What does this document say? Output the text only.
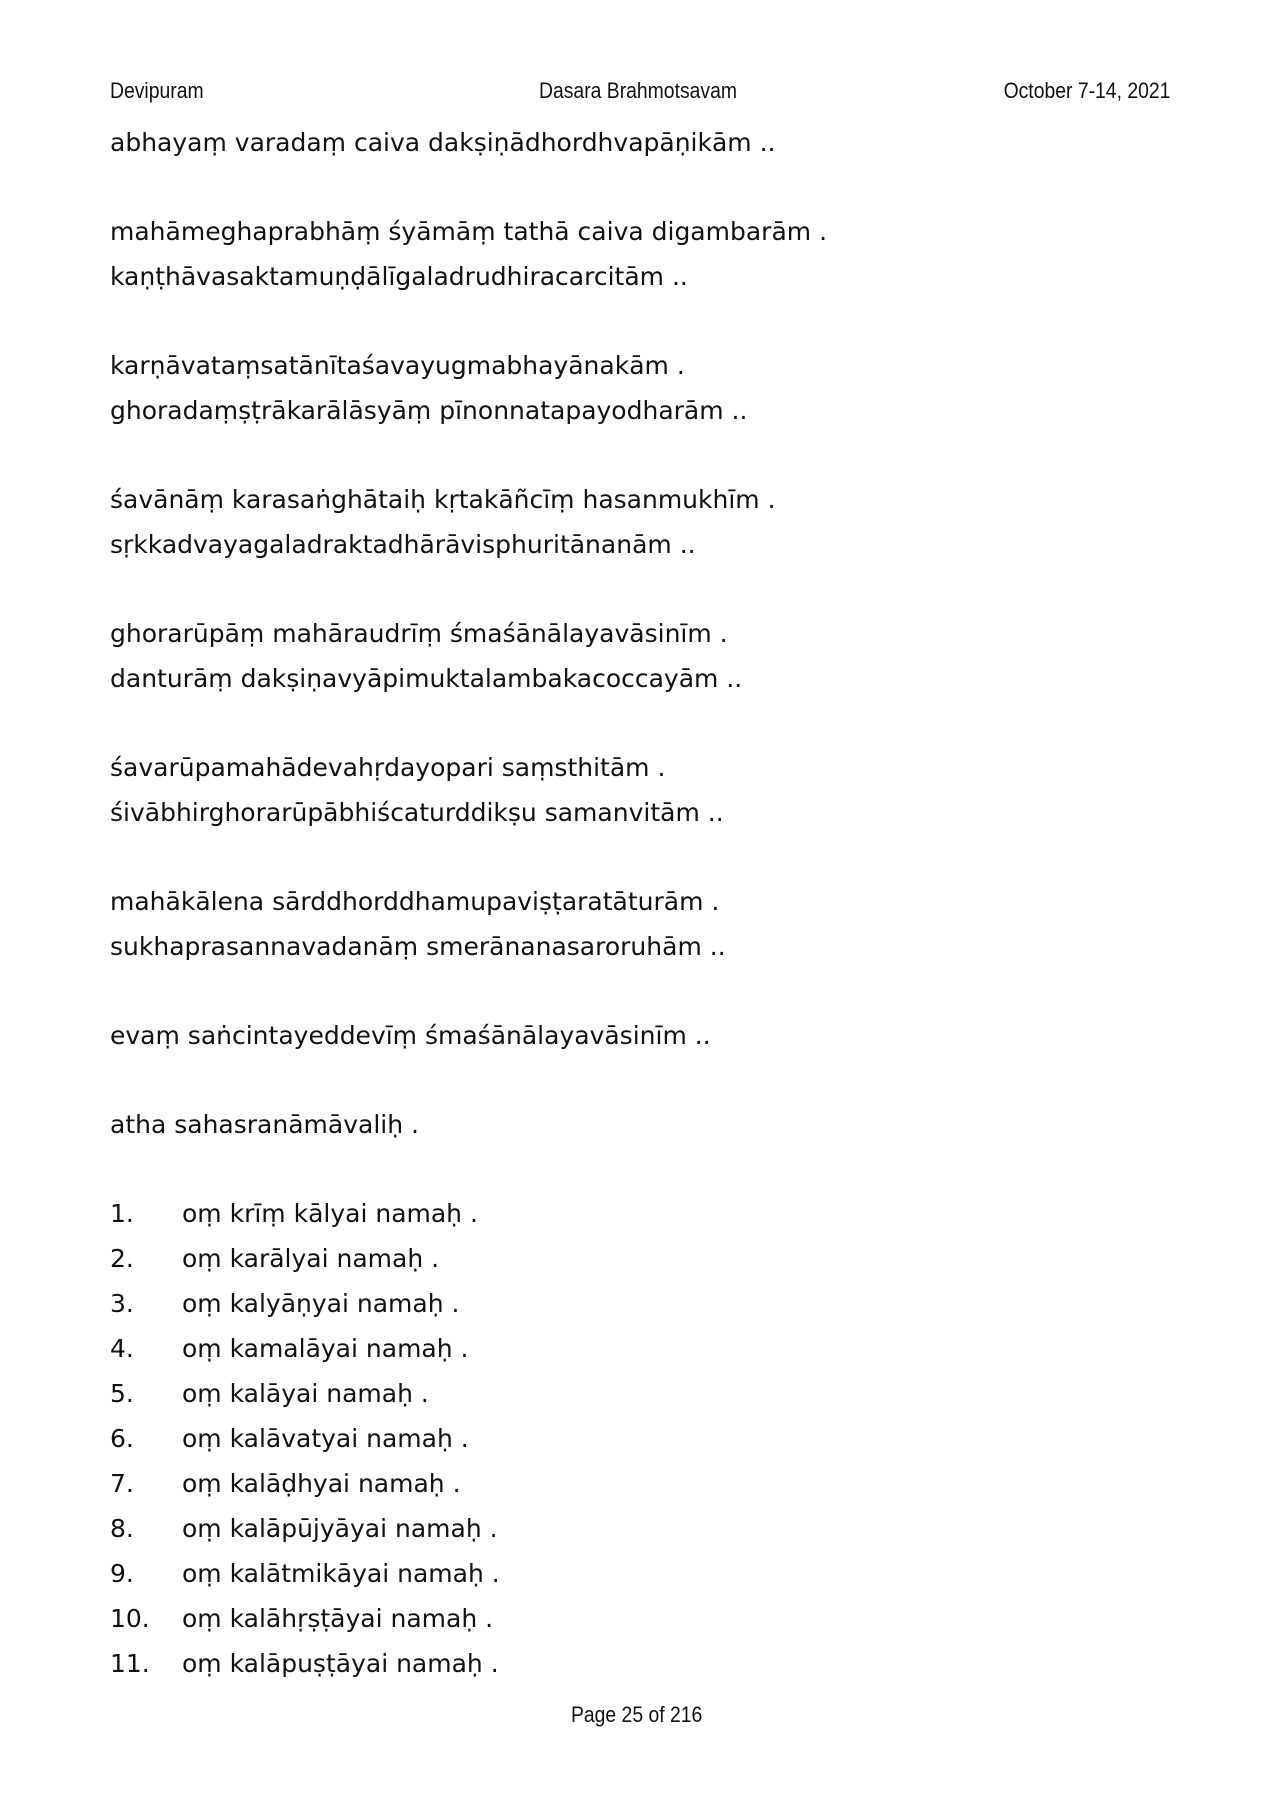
Devipuram	Dasara Brahmotsavam	October 7-14, 2021
abhayaṃ varadaṃ caiva dakṣiṇādhordhvapāṇikām ..
mahāmeghaprabhāṃ śyāmāṃ tathā caiva digambarām .
kaṇṭhāvasaktamuṇḍālīgaladrudhiracarcitām ..
karṇāvataṃsatānītaśavayugmabhayānakām .
ghoradaṃṣṭrākarālāsyāṃ pīnonnatapayodharām ..
śavānāṃ karasaṅghātaiḥ kṛtakāñcīṃ hasanmukhīm .
sṛkkadvayagaladraktadhārāvisphuritānanām ..
ghorarūpāṃ mahāraudrīṃ śmaśānālayavāsinīm .
danturāṃ dakṣiṇavyāpimuktalambakacoccayām ..
śavarūpamahādevahṛdayopari saṃsthitām .
śivābhirghorarūpābhiścaturddikṣu samanvitām ..
mahākālena sārddhorddhamupaviṣṭaratāturām .
sukhaprasannavadanāṃ smerānanasaroruhām ..
evaṃ saṅcintayeddevīṃ śmaśānālayavāsinīm ..
atha sahasranāmāvaliḥ .
1.	oṃ krīṃ kālyai namaḥ .
2.	oṃ karālyai namaḥ .
3.	oṃ kalyāṇyai namaḥ .
4.	oṃ kamalāyai namaḥ .
5.	oṃ kalāyai namaḥ .
6.	oṃ kalāvatyai namaḥ .
7.	oṃ kalāḍhyai namaḥ .
8.	oṃ kalāpūjyāyai namaḥ .
9.	oṃ kalātmikāyai namaḥ .
10.	oṃ kalāhṛṣṭāyai namaḥ .
11.	oṃ kalāpuṣṭāyai namaḥ .
Page 25 of 216
